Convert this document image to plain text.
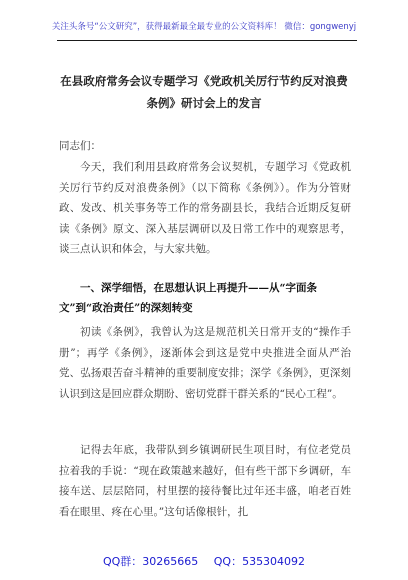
关注头条号“公文研究”，获得最新最全最专业的公文资料库！ 微信：gongwenyj
在县政府常务会议专题学习《党政机关厉行节约反对浪费
条例》研讨会上的发言
同志们：

今天，我们利用县政府常务会议契机，专题学习《党政机关厉行节约反对浪费条例》（以下简称《条例》）。作为分管财政、发改、机关事务等工作的常务副县长，我结合近期反复研读《条例》原文、深入基层调研以及日常工作中的观察思考，谈三点认识和体会，与大家共勉。

一、深学细悟，在思想认识上再提升——从“字面条文”到“政治责任”的深刻转变

初读《条例》，我曾认为这是规范机关日常开支的“操作手册”；再学《条例》，逐渐体会到这是党中央推进全面从严治党、弘扬艰苦奋斗精神的重要制度安排；深学《条例》，更深刻认识到这是回应群众期盼、密切党群干群关系的“民心工程”。

记得去年底，我带队到乡镇调研民生项目时，有位老党员拉着我的手说：“现在政策越来越好，但有些干部下乡调研，车接车送、层层陪同，村里摆的接待餐比过年还丰盛，咱老百姓看在眼里、疼在心里。”这句话像根针，扎

QQ群：30265665 QQ：535304092
